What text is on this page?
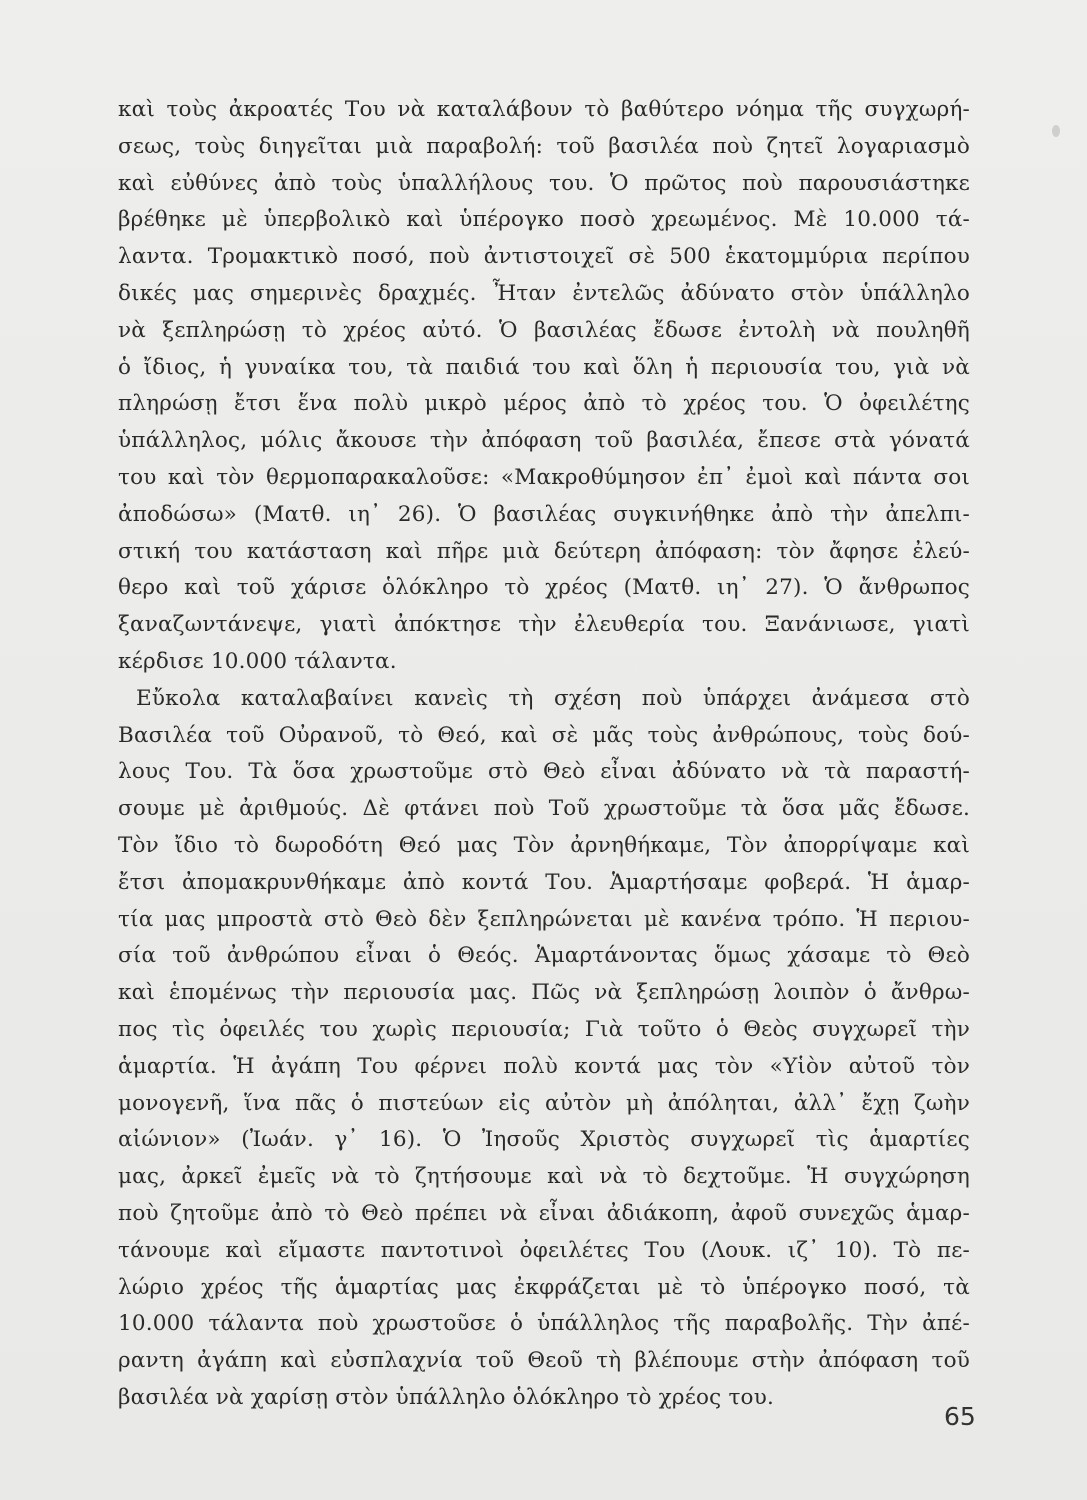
καὶ τοὺς ἀκροατές Του νὰ καταλάβουν τὸ βαθύτερο νόημα τῆς συγχωρή-
σεως, τοὺς διηγεῖται μιὰ παραβολή: τοῦ βασιλέα ποὺ ζητεῖ λογαριασμὸ
καὶ εὐθύνες ἀπὸ τοὺς ὑπαλλήλους του. Ὁ πρῶτος ποὺ παρουσιάστηκε
βρέθηκε μὲ ὑπερβολικὸ καὶ ὑπέρογκο ποσὸ χρεωμένος. Μὲ 10.000 τά-
λαντα. Τρομακτικὸ ποσό, ποὺ ἀντιστοιχεῖ σὲ 500 ἑκατομμύρια περίπου
δικές μας σημερινὲς δραχμές. Ἦταν ἐντελῶς ἀδύνατο στὸν ὑπάλληλο
νὰ ξεπληρώσῃ τὸ χρέος αὐτό. Ὁ βασιλέας ἔδωσε ἐντολὴ νὰ πουληθῆ
ὁ ἴδιος, ἡ γυναίκα του, τὰ παιδιά του καὶ ὅλη ἡ περιουσία του, γιὰ νὰ
πληρώσῃ ἔτσι ἕνα πολὺ μικρὸ μέρος ἀπὸ τὸ χρέος του. Ὁ ὀφειλέτης
ὑπάλληλος, μόλις ἄκουσε τὴν ἀπόφαση τοῦ βασιλέα, ἔπεσε στὰ γόνατά
του καὶ τὸν θερμοπαρακαλοῦσε: «Μακροθύμησον ἐπ᾽ ἐμοὶ καὶ πάντα σοι
ἀποδώσω» (Ματθ. ιη᾽ 26). Ὁ βασιλέας συγκινήθηκε ἀπὸ τὴν ἀπελπι-
στική του κατάσταση καὶ πῆρε μιὰ δεύτερη ἀπόφαση: τὸν ἄφησε ἐλεύ-
θερο καὶ τοῦ χάρισε ὁλόκληρο τὸ χρέος (Ματθ. ιη᾽ 27). Ὁ ἄνθρωπος
ξαναζωντάνεψε, γιατὶ ἀπόκτησε τὴν ἐλευθερία του. Ξανάνιωσε, γιατὶ
κέρδισε 10.000 τάλαντα.
Εὔκολα καταλαβαίνει κανεὶς τὴ σχέση ποὺ ὑπάρχει ἀνάμεσα στὸ
Βασιλέα τοῦ Οὐρανοῦ, τὸ Θεό, καὶ σὲ μᾶς τοὺς ἀνθρώπους, τοὺς δού-
λους Του. Τὰ ὅσα χρωστοῦμε στὸ Θεὸ εἶναι ἀδύνατο νὰ τὰ παραστή-
σουμε μὲ ἀριθμούς. Δὲ φτάνει ποὺ Τοῦ χρωστοῦμε τὰ ὅσα μᾶς ἔδωσε.
Τὸν ἴδιο τὸ δωροδότη Θεό μας Τὸν ἀρνηθήκαμε, Τὸν ἀπορρίψαμε καὶ
ἔτσι ἀπομακρυνθήκαμε ἀπὸ κοντά Του. Ἁμαρτήσαμε φοβερά. Ἡ ἁμαρ-
τία μας μπροστὰ στὸ Θεὸ δὲν ξεπληρώνεται μὲ κανένα τρόπο. Ἡ περιου-
σία τοῦ ἀνθρώπου εἶναι ὁ Θεός. Ἁμαρτάνοντας ὅμως χάσαμε τὸ Θεὸ
καὶ ἑπομένως τὴν περιουσία μας. Πῶς νὰ ξεπληρώσῃ λοιπὸν ὁ ἄνθρω-
πος τὶς ὀφειλές του χωρὶς περιουσία; Γιὰ τοῦτο ὁ Θεὸς συγχωρεῖ τὴν
ἁμαρτία. Ἡ ἀγάπη Του φέρνει πολὺ κοντά μας τὸν «Υἱὸν αὐτοῦ τὸν
μονογενῆ, ἵνα πᾶς ὁ πιστεύων εἰς αὐτὸν μὴ ἀπόληται, ἀλλ᾽ ἔχῃ ζωὴν
αἰώνιον» (Ἰωάν. γ᾽ 16). Ὁ Ἰησοῦς Χριστὸς συγχωρεῖ τὶς ἁμαρτίες
μας, ἀρκεῖ ἐμεῖς νὰ τὸ ζητήσουμε καὶ νὰ τὸ δεχτοῦμε. Ἡ συγχώρηση
ποὺ ζητοῦμε ἀπὸ τὸ Θεὸ πρέπει νὰ εἶναι ἀδιάκοπη, ἀφοῦ συνεχῶς ἁμαρ-
τάνουμε καὶ εἴμαστε παντοτινοὶ ὀφειλέτες Του (Λουκ. ιζ᾽ 10). Τὸ πε-
λώριο χρέος τῆς ἁμαρτίας μας ἐκφράζεται μὲ τὸ ὑπέρογκο ποσό, τὰ
10.000 τάλαντα ποὺ χρωστοῦσε ὁ ὑπάλληλος τῆς παραβολῆς. Τὴν ἀπέ-
ραντη ἀγάπη καὶ εὐσπλαχνία τοῦ Θεοῦ τὴ βλέπουμε στὴν ἀπόφαση τοῦ
βασιλέα νὰ χαρίσῃ στὸν ὑπάλληλο ὁλόκληρο τὸ χρέος του.
65
